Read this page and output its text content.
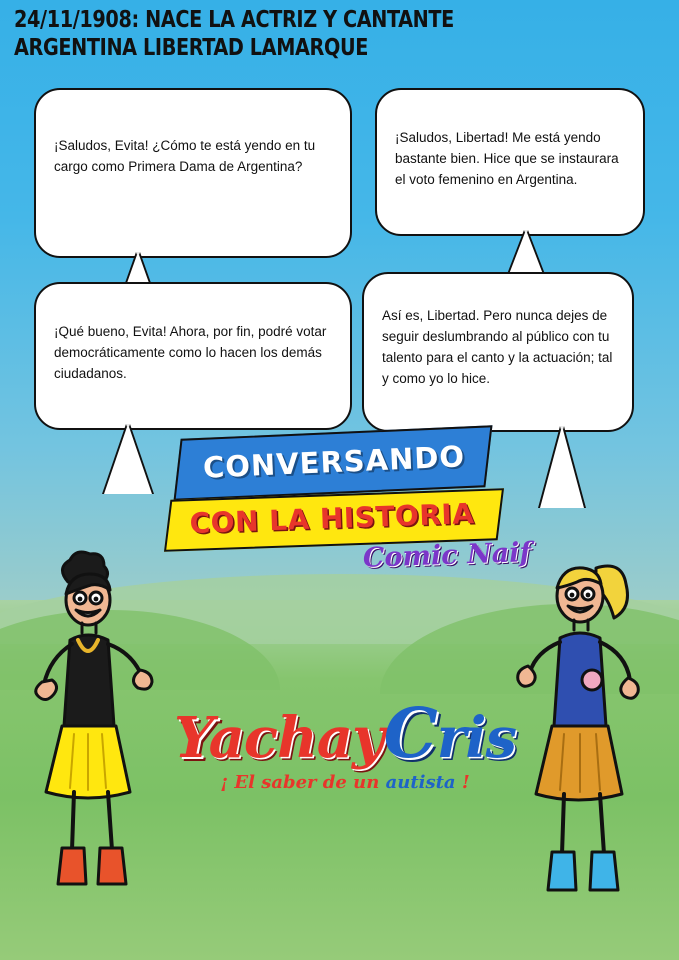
24/11/1908: NACE LA ACTRIZ Y CANTANTE
ARGENTINA LIBERTAD LAMARQUE
¡Saludos, Evita! ¿Cómo te está yendo en tu cargo como Primera Dama de Argentina?
¡Saludos, Libertad! Me está yendo bastante bien. Hice que se instaurara el voto femenino en Argentina.
¡Qué bueno, Evita! Ahora, por fin, podré votar democráticamente como lo hacen los demás ciudadanos.
Así es, Libertad. Pero nunca dejes de seguir deslumbrando al público con tu talento para el canto y la actuación; tal y como yo lo hice.
CONVERSANDO
CON LA HISTORIA
Comic Naif
YachayCris
¡ El saber de un autista !
